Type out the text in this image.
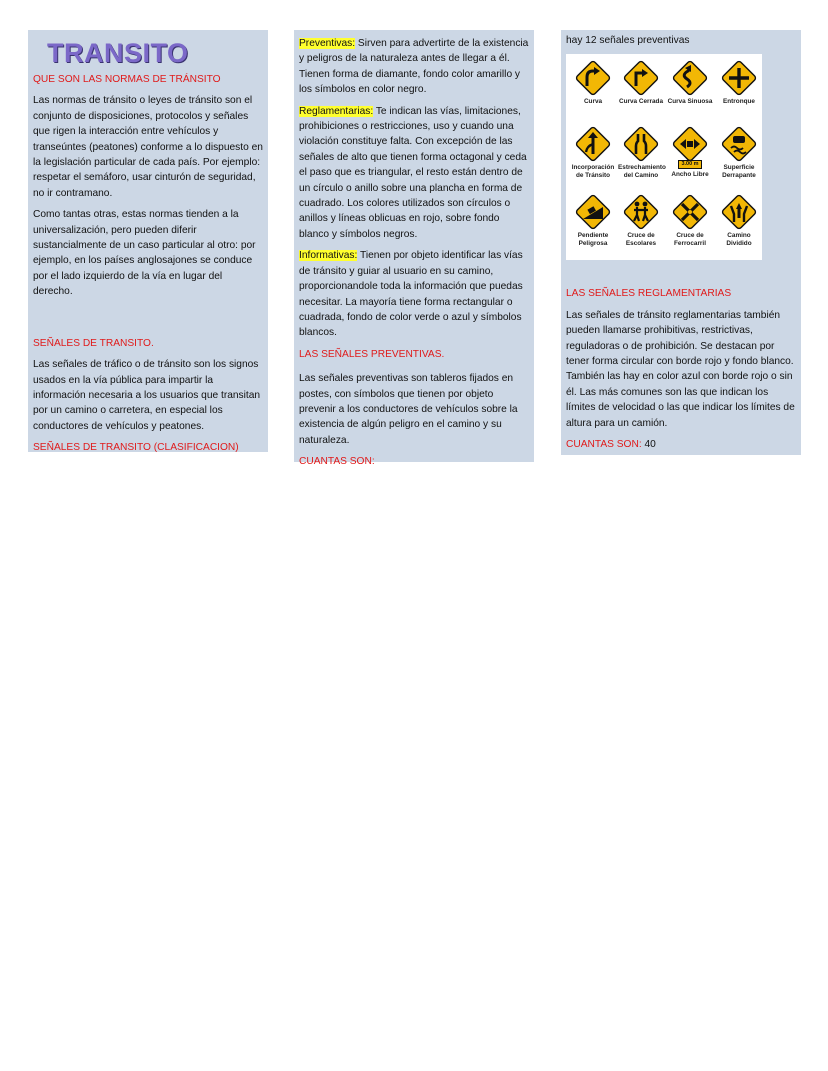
TRANSITO

QUE SON LAS NORMAS DE TRÁNSITO

Las normas de tránsito o leyes de tránsito son el conjunto de disposiciones, protocolos y señales que rigen la interacción entre vehículos y transeúntes (peatones) conforme a lo dispuesto en la legislación particular de cada país. Por ejemplo: respetar el semáforo, usar cinturón de seguridad, no ir contramano.

Como tantas otras, estas normas tienden a la universalización, pero pueden diferir sustancialmente de un caso particular al otro: por ejemplo, en los países anglosajones se conduce por el lado izquierdo de la vía en lugar del derecho.

SEÑALES DE TRANSITO.

Las señales de tráfico o de tránsito son los signos usados en la vía pública para impartir la información necesaria a los usuarios que transitan por un camino o carretera, en especial los conductores de vehículos y peatones.

SEÑALES DE TRANSITO (CLASIFICACION)

Preventivas: Sirven para advertirte de la existencia y peligros de la naturaleza antes de llegar a él. Tienen forma de diamante, fondo color amarillo y los símbolos en color negro.

Reglamentarias: Te indican las vías, limitaciones, prohibiciones o restricciones, uso y cuando una violación constituye falta. Con excepción de las señales de alto que tienen forma octagonal y ceda el paso que es triangular, el resto están dentro de un círculo o anillo sobre una plancha en forma de cuadrado. Los colores utilizados son círculos o anillos y líneas oblicuas en rojo, sobre fondo blanco y símbolos negros.

Informativas: Tienen por objeto identificar las vías de tránsito y guiar al usuario en su camino, proporcionandole toda la información que puedas necesitar. La mayoría tiene forma rectangular o cuadrada, fondo de color verde o azul y símbolos blancos.

LAS SEÑALES PREVENTIVAS.

Las señales preventivas son tableros fijados en postes, con símbolos que tienen por objeto prevenir a los conductores de vehículos sobre la existencia de algún peligro en el camino y su naturaleza.

CUANTAS SON:

hay 12 señales preventivas

Curva	Curva Cerrada Curva Sinuosa	Entronque
Incorporación de Tránsito
Estrechamiento del Camino
3.00 m
Ancho Libre
Superficie Derrapante
Pendiente Peligrosa
Cruce de Escolares
Cruce de Ferrocarril
Camino Dividido

LAS SEÑALES REGLAMENTARIAS

Las señales de tránsito reglamentarias también pueden llamarse prohibitivas, restrictivas, reguladoras o de prohibición. Se destacan por tener forma circular con borde rojo y fondo blanco. También las hay en color azul con borde rojo o sin él. Las más comunes son las que indican los límites de velocidad o las que indicar los límites de altura para un camión.

CUANTAS SON: 40
